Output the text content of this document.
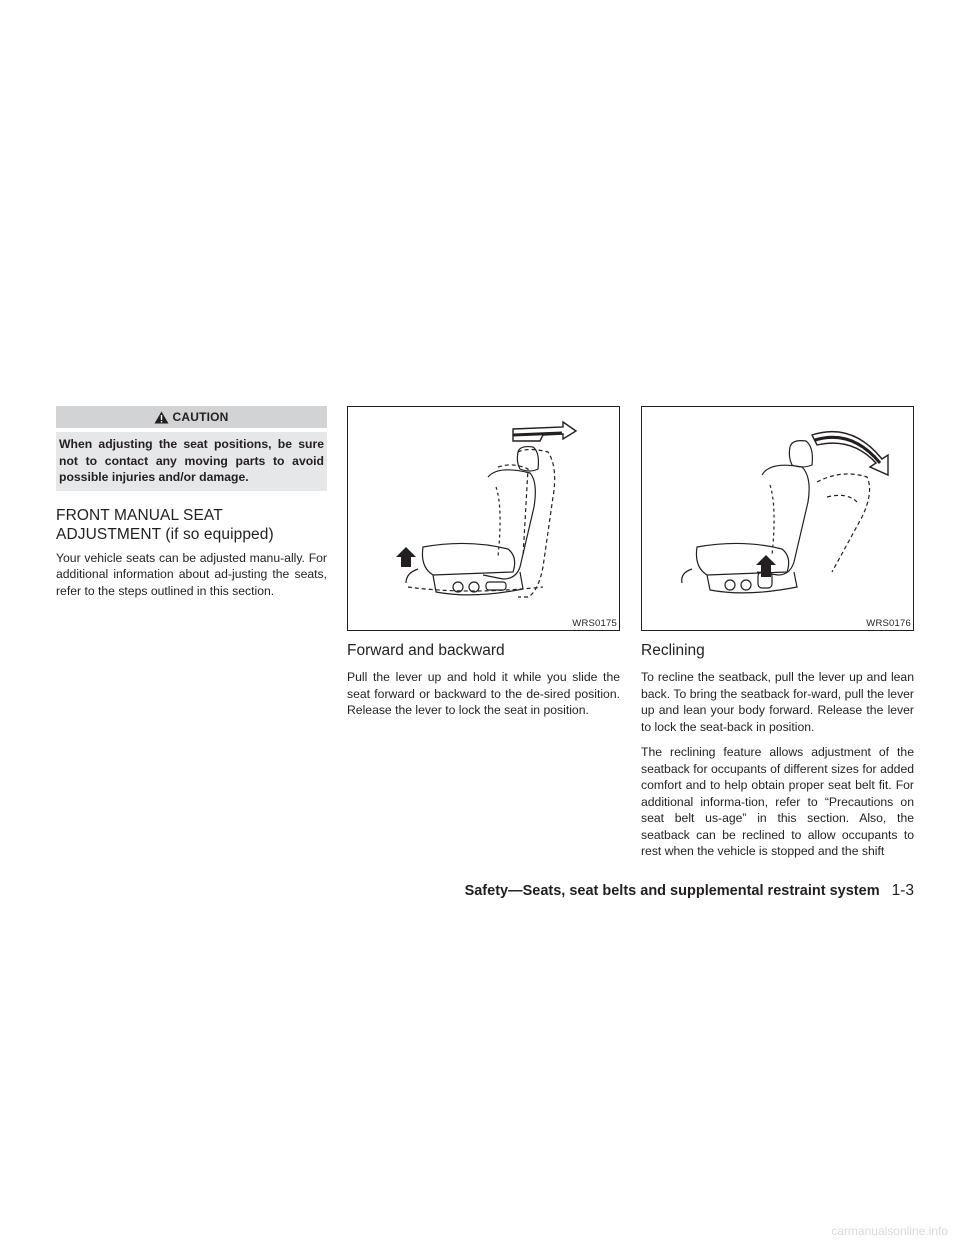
CAUTION
When adjusting the seat positions, be sure not to contact any moving parts to avoid possible injuries and/or damage.
FRONT MANUAL SEAT
ADJUSTMENT (if so equipped)

Your vehicle seats can be adjusted manu-ally. For additional information about ad-justing the seats, refer to the steps outlined in this section.

WRS0175
Forward and backward

Pull the lever up and hold it while you slide the seat forward or backward to the de-sired position. Release the lever to lock the seat in position.

WRS0176
Reclining

To recline the seatback, pull the lever up and lean back. To bring the seatback for-ward, pull the lever up and lean your body forward. Release the lever to lock the seat-back in position.

The reclining feature allows adjustment of the seatback for occupants of different sizes for added comfort and to help obtain proper seat belt fit. For additional informa-tion, refer to “Precautions on seat belt us-age” in this section. Also, the seatback can be reclined to allow occupants to rest when the vehicle is stopped and the shift

Safety—Seats, seat belts and supplemental restraint system 1-3
carmanualsonline.info
